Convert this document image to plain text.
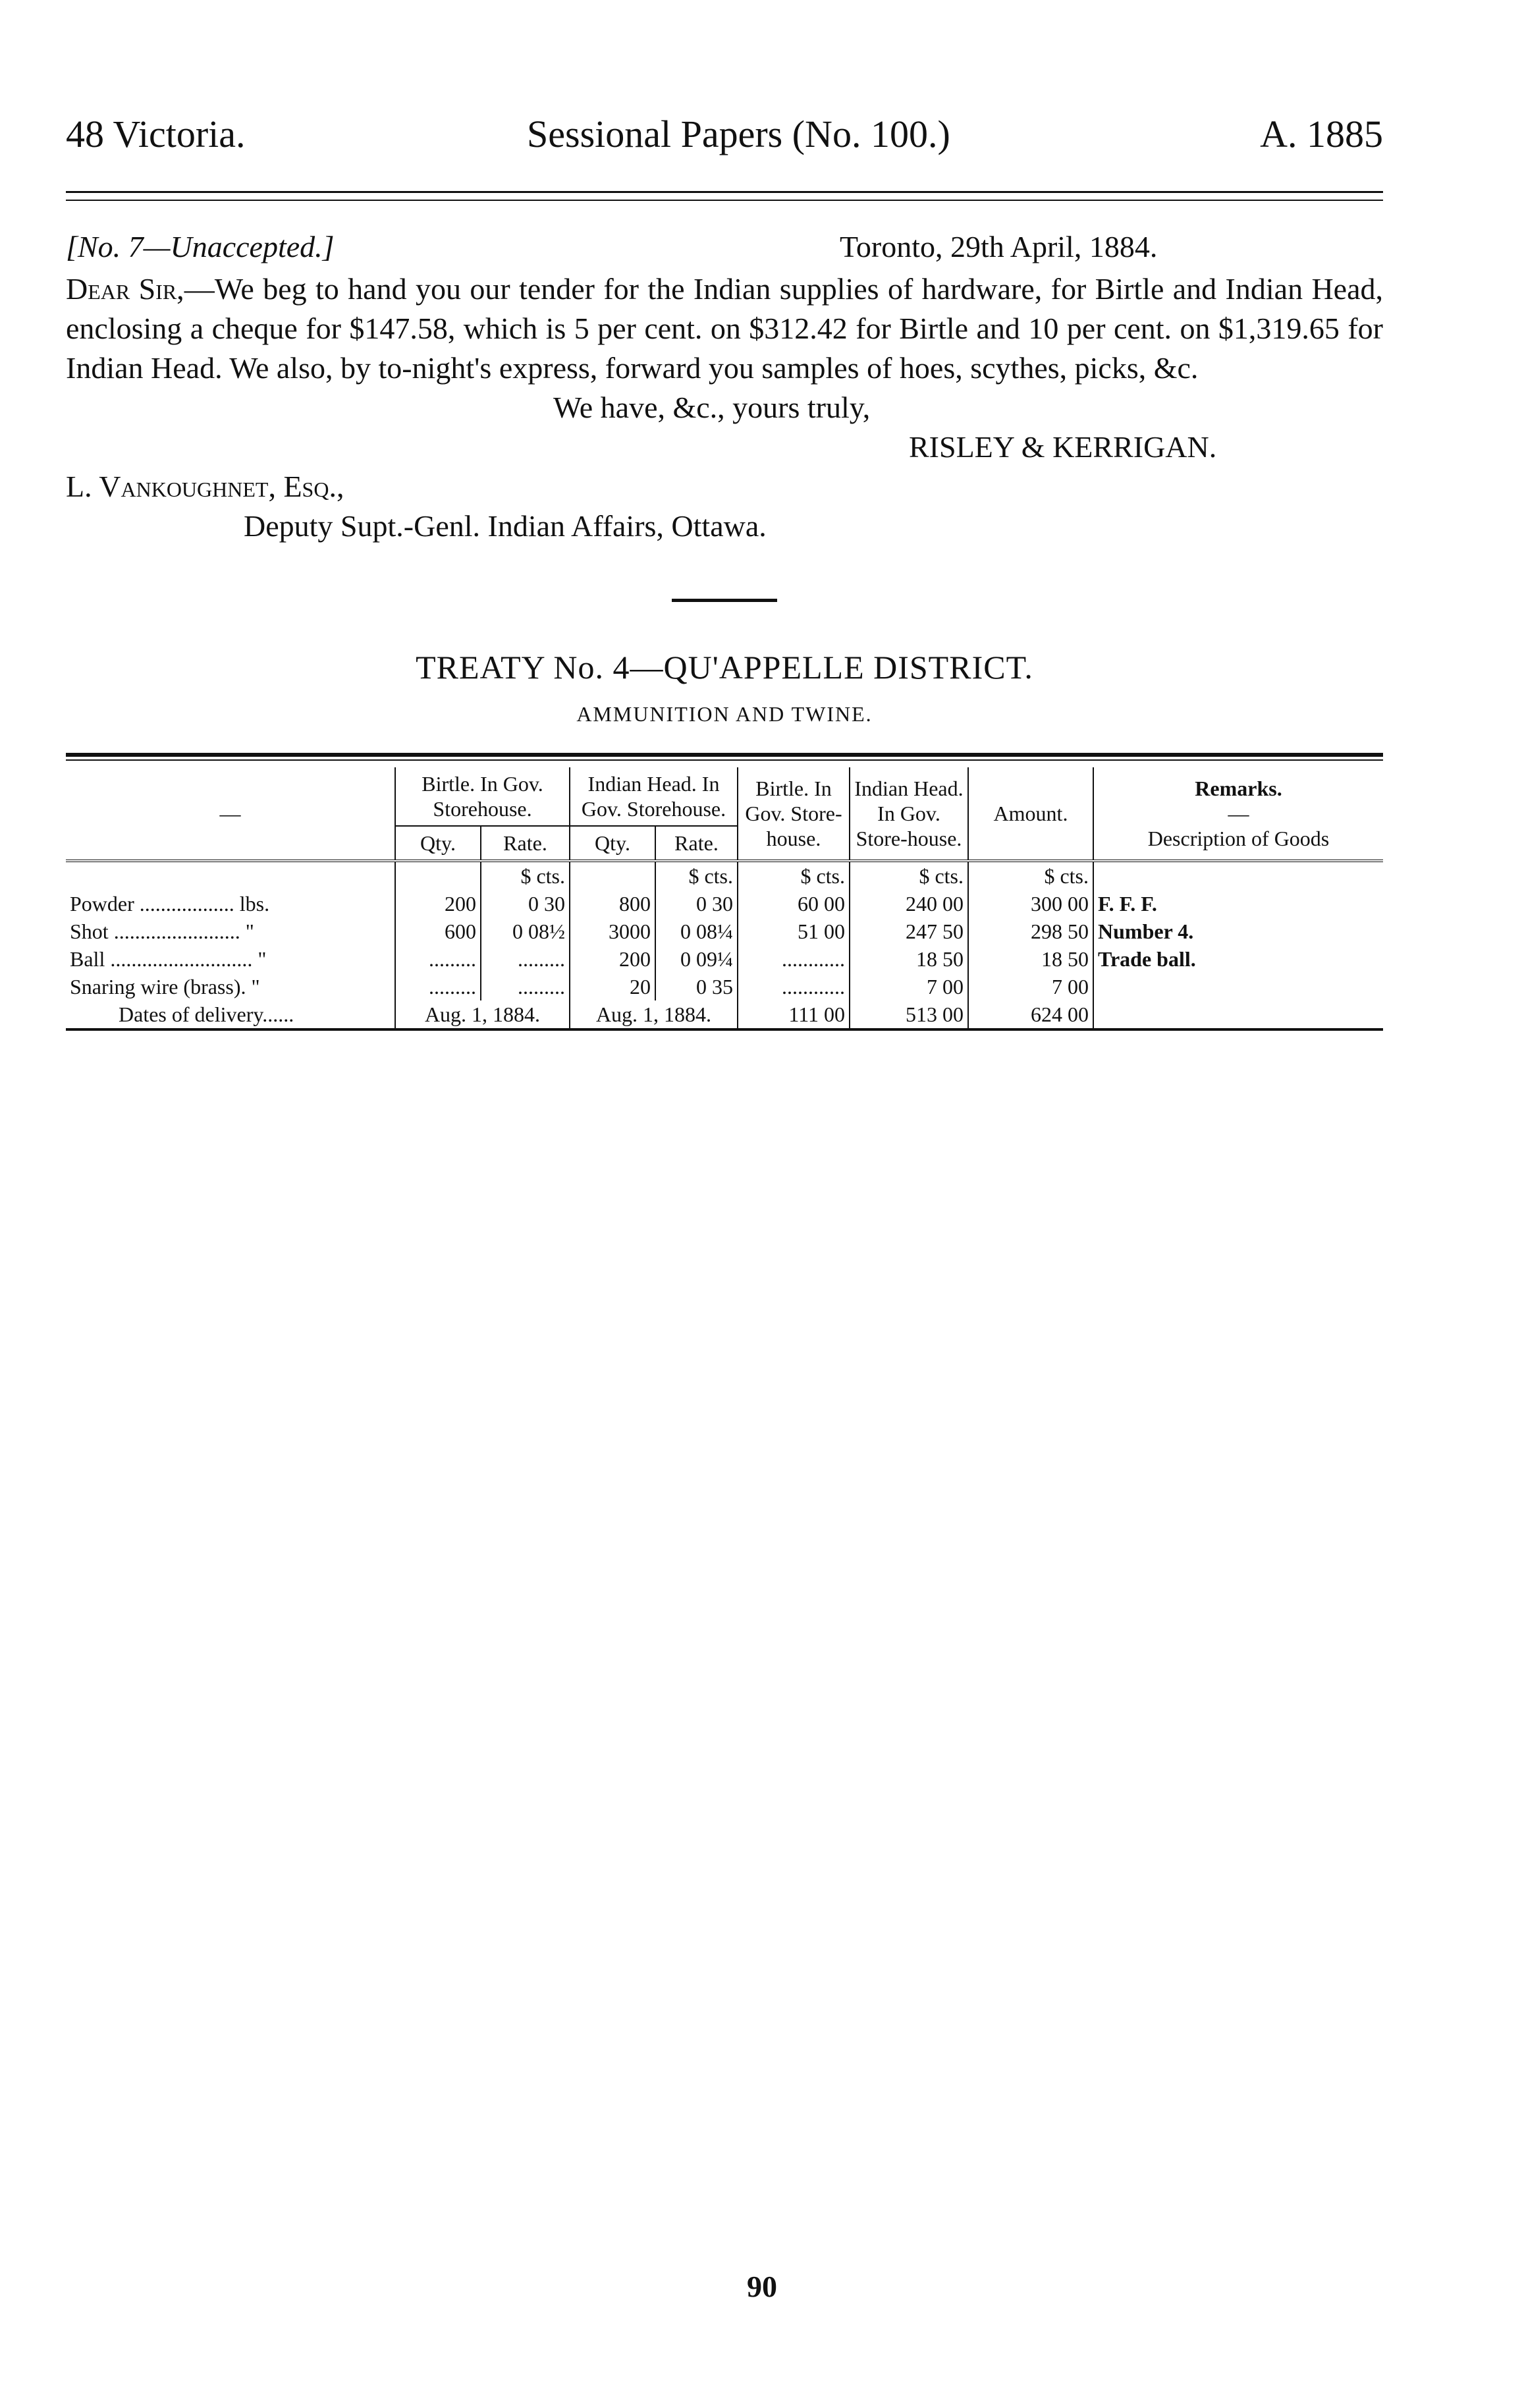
48 Victoria.	Sessional Papers (No. 100.)	A. 1885
[No. 7—Unaccepted.]	Toronto, 29th April, 1884.
Dear Sir,—We beg to hand you our tender for the Indian supplies of hardware, for Birtle and Indian Head, enclosing a cheque for $147.58, which is 5 per cent. on $312.42 for Birtle and 10 per cent. on $1,319.65 for Indian Head. We also, by to-night's express, forward you samples of hoes, scythes, picks, &c.
We have, &c., yours truly,
RISLEY & KERRIGAN.
L. Vankoughnet, Esq.,
Deputy Supt.-Genl. Indian Affairs, Ottawa.
TREATY No. 4—QU'APPELLE DISTRICT.
AMMUNITION AND TWINE.
—	Birtle. In Gov. Storehouse.		Indian Head. In Gov. Storehouse.		Birtle. In Gov. Store-house.	Indian Head. In Gov. Store-house.	Amount.	Remarks.
—
Description of Goods

	Qty.	Rate.	Qty.	Rate.				
		$ cts.		$ cts.	$ cts.	$ cts.	$ cts.	
Powder .................. lbs.	200	0 30	800	0 30	60 00	240 00	300 00	F. F. F.
Shot ........................ "	600	0 08½	3000	0 08¼	51 00	247 50	298 50	Number 4.
Ball ........................... "	.........	.........	200	0 09¼	............	18 50	18 50	Trade ball.
Snaring wire (brass). "	.........	.........	20	0 35	............	7 00	7 00	
Dates of delivery......	Aug. 1, 1884.		Aug. 1, 1884.		111 00	513 00	624 00	

90
